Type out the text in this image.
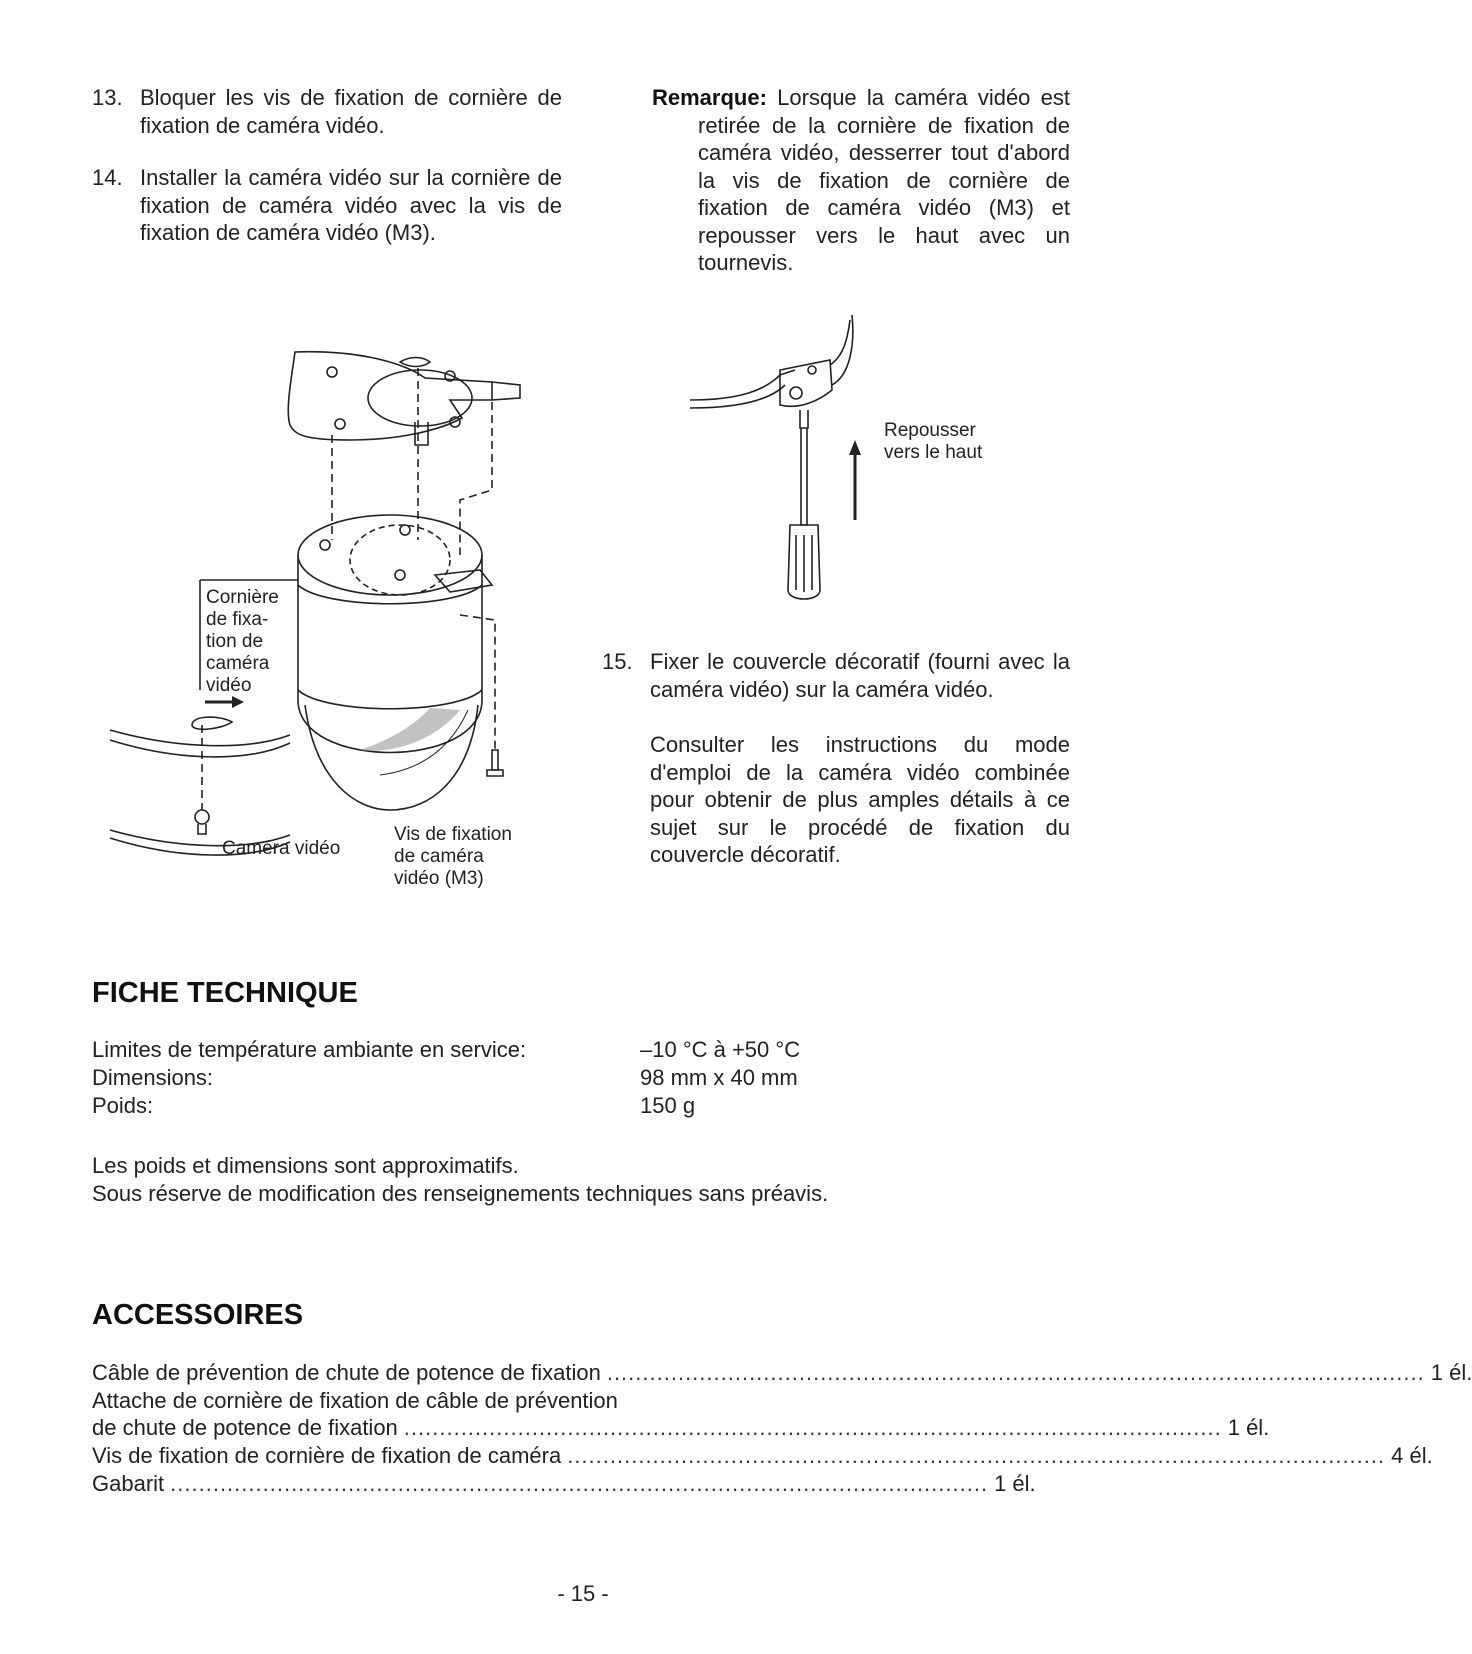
13. Bloquer les vis de fixation de cornière de fixation de caméra vidéo.
14. Installer la caméra vidéo sur la cornière de fixation de caméra vidéo avec la vis de fixation de caméra vidéo (M3).
Remarque: Lorsque la caméra vidéo est retirée de la cornière de fixation de caméra vidéo, desserrer tout d'abord la vis de fixation de cornière de fixation de caméra vidéo (M3) et repousser vers le haut avec un tournevis.
Cornière
de fixa-
tion de
caméra
vidéo
Caméra vidéo
Vis de fixation
de caméra
vidéo (M3)
Repousser
vers le haut
15. Fixer le couvercle décoratif (fourni avec la caméra vidéo) sur la caméra vidéo.
Consulter les instructions du mode d'emploi de la caméra vidéo combinée pour obtenir de plus amples détails à ce sujet sur le procédé de fixation du couvercle décoratif.
FICHE TECHNIQUE
Limites de température ambiante en service:	–10 °C à +50 °C
Dimensions:	98 mm x 40 mm
Poids:	150 g
Les poids et dimensions sont approximatifs.
Sous réserve de modification des renseignements techniques sans préavis.
ACCESSOIRES
Câble de prévention de chute de potence de fixation ................................................................................................................... 1 él.
Attache de cornière de fixation de câble de prévention
de chute de potence de fixation ................................................................................................................... 1 él.
Vis de fixation de cornière de fixation de caméra ................................................................................................................... 4 él.
Gabarit ................................................................................................................... 1 él.
- 15 -
